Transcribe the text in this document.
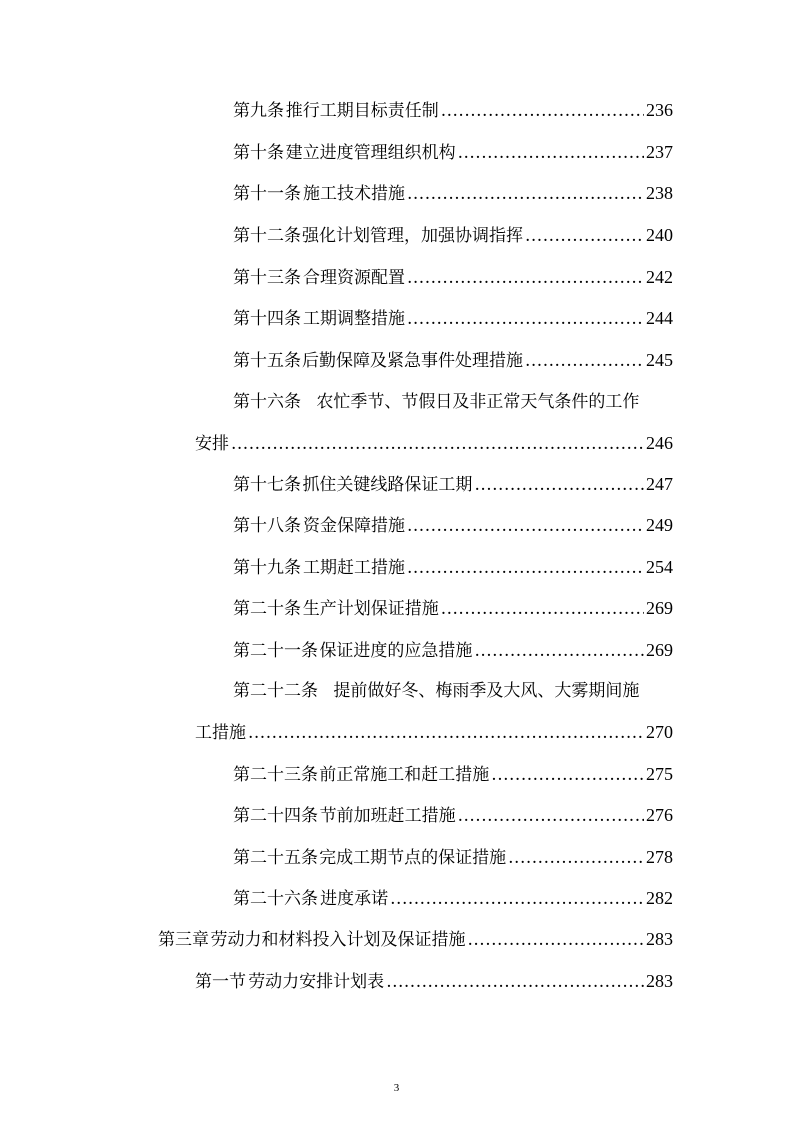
第九条 推行工期目标责任制 .....	236
第十条 建立进度管理组织机构 .....	237
第十一条 施工技术措施 .....	238
第十二条 强化计划管理，加强协调指挥 .....	240
第十三条 合理资源配置 .....	242
第十四条 工期调整措施 .....	244
第十五条 后勤保障及紧急事件处理措施 .....	245
第十六条 农忙季节、节假日及非正常天气条件的工作
安排 .....	246
第十七条 抓住关键线路保证工期 .....	247
第十八条 资金保障措施 .....	249
第十九条 工期赶工措施 .....	254
第二十条 生产计划保证措施 .....	269
第二十一条 保证进度的应急措施 .....	269
第二十二条 提前做好冬、梅雨季及大风、大雾期间施
工措施 .....	270
第二十三条 前正常施工和赶工措施 .....	275
第二十四条 节前加班赶工措施 .....	276
第二十五条 完成工期节点的保证措施 .....	278
第二十六条 进度承诺 .....	282
第三章 劳动力和材料投入计划及保证措施 .....	283
第一节 劳动力安排计划表 .....	283
3
